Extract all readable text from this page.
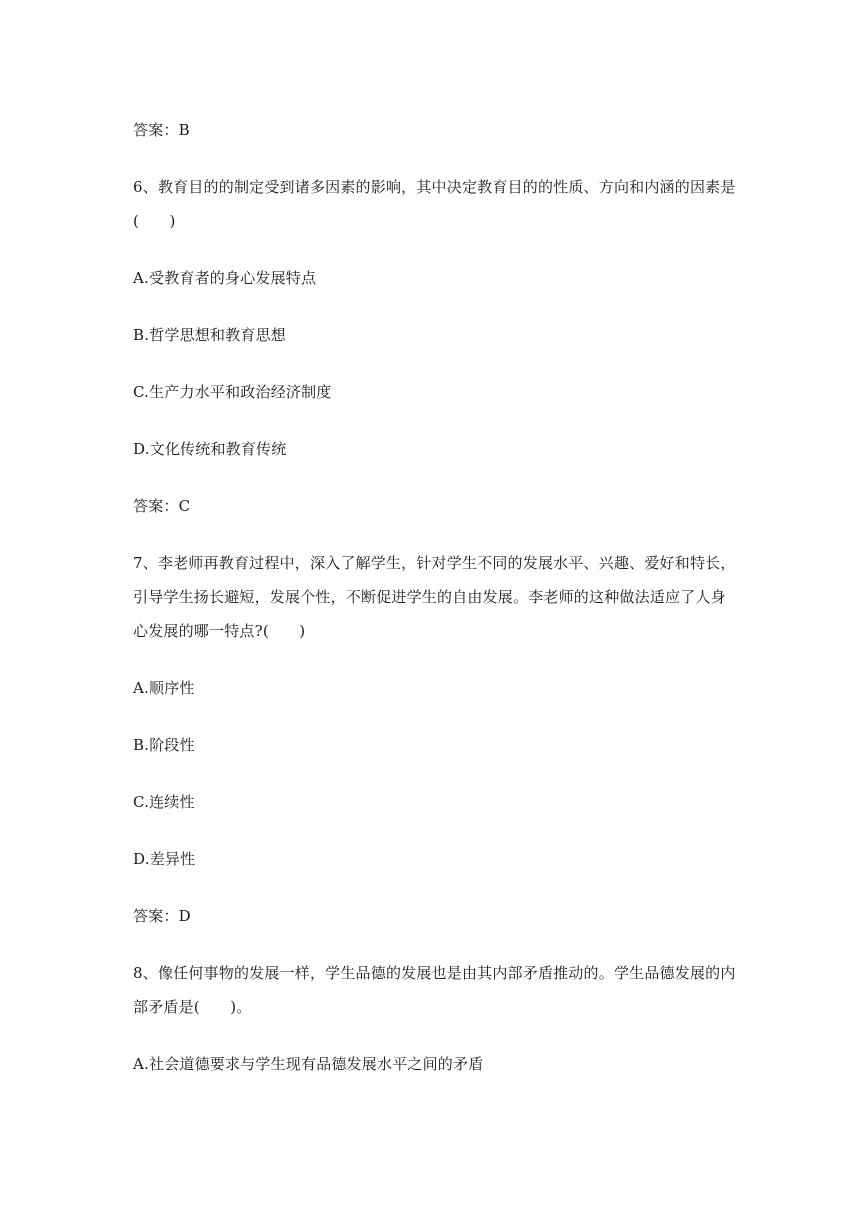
答案：B
6、教育目的的制定受到诸多因素的影响，其中决定教育目的的性质、方向和内涵的因素是
(　　)
A.受教育者的身心发展特点
B.哲学思想和教育思想
C.生产力水平和政治经济制度
D.文化传统和教育传统
答案：C
7、李老师再教育过程中，深入了解学生，针对学生不同的发展水平、兴趣、爱好和特长，
引导学生扬长避短，发展个性，不断促进学生的自由发展。李老师的这种做法适应了人身
心发展的哪一特点?(　　)
A.顺序性
B.阶段性
C.连续性
D.差异性
答案：D
8、像任何事物的发展一样，学生品德的发展也是由其内部矛盾推动的。学生品德发展的内
部矛盾是(　　)。
A.社会道德要求与学生现有品德发展水平之间的矛盾
